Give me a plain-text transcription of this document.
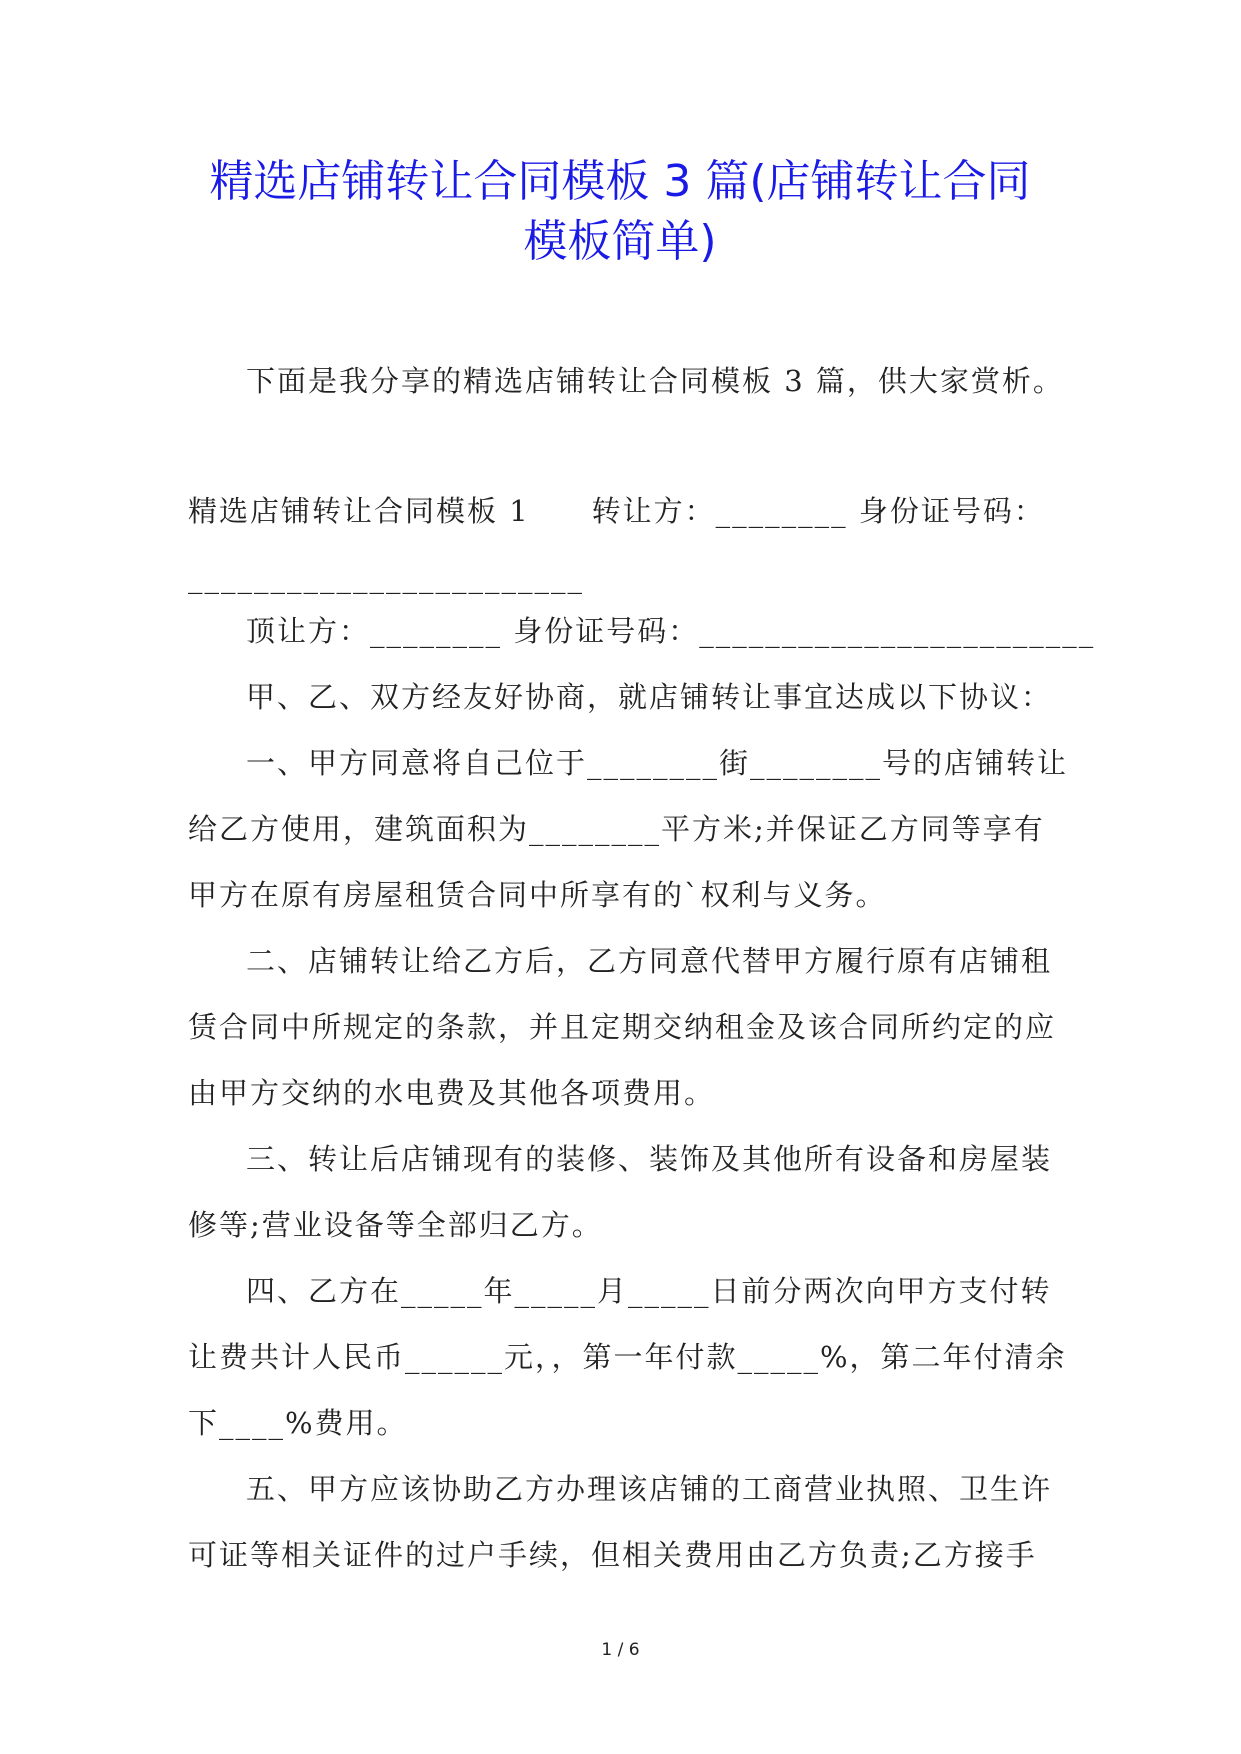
精选店铺转让合同模板 3 篇(店铺转让合同
模板简单)
下面是我分享的精选店铺转让合同模板 3 篇，供大家赏析。
精选店铺转让合同模板 1　　转让方：________ 身份证号码：
________________________
顶让方：________ 身份证号码：________________________
甲、乙、双方经友好协商，就店铺转让事宜达成以下协议：
一、甲方同意将自己位于________街________号的店铺转让
给乙方使用，建筑面积为________平方米;并保证乙方同等享有
甲方在原有房屋租赁合同中所享有的`权利与义务。
二、店铺转让给乙方后，乙方同意代替甲方履行原有店铺租
赁合同中所规定的条款，并且定期交纳租金及该合同所约定的应
由甲方交纳的水电费及其他各项费用。
三、转让后店铺现有的装修、装饰及其他所有设备和房屋装
修等;营业设备等全部归乙方。
四、乙方在_____年_____月_____日前分两次向甲方支付转
让费共计人民币______元，，第一年付款_____%，第二年付清余
下____%费用。
五、甲方应该协助乙方办理该店铺的工商营业执照、卫生许
可证等相关证件的过户手续，但相关费用由乙方负责;乙方接手
1 / 6
